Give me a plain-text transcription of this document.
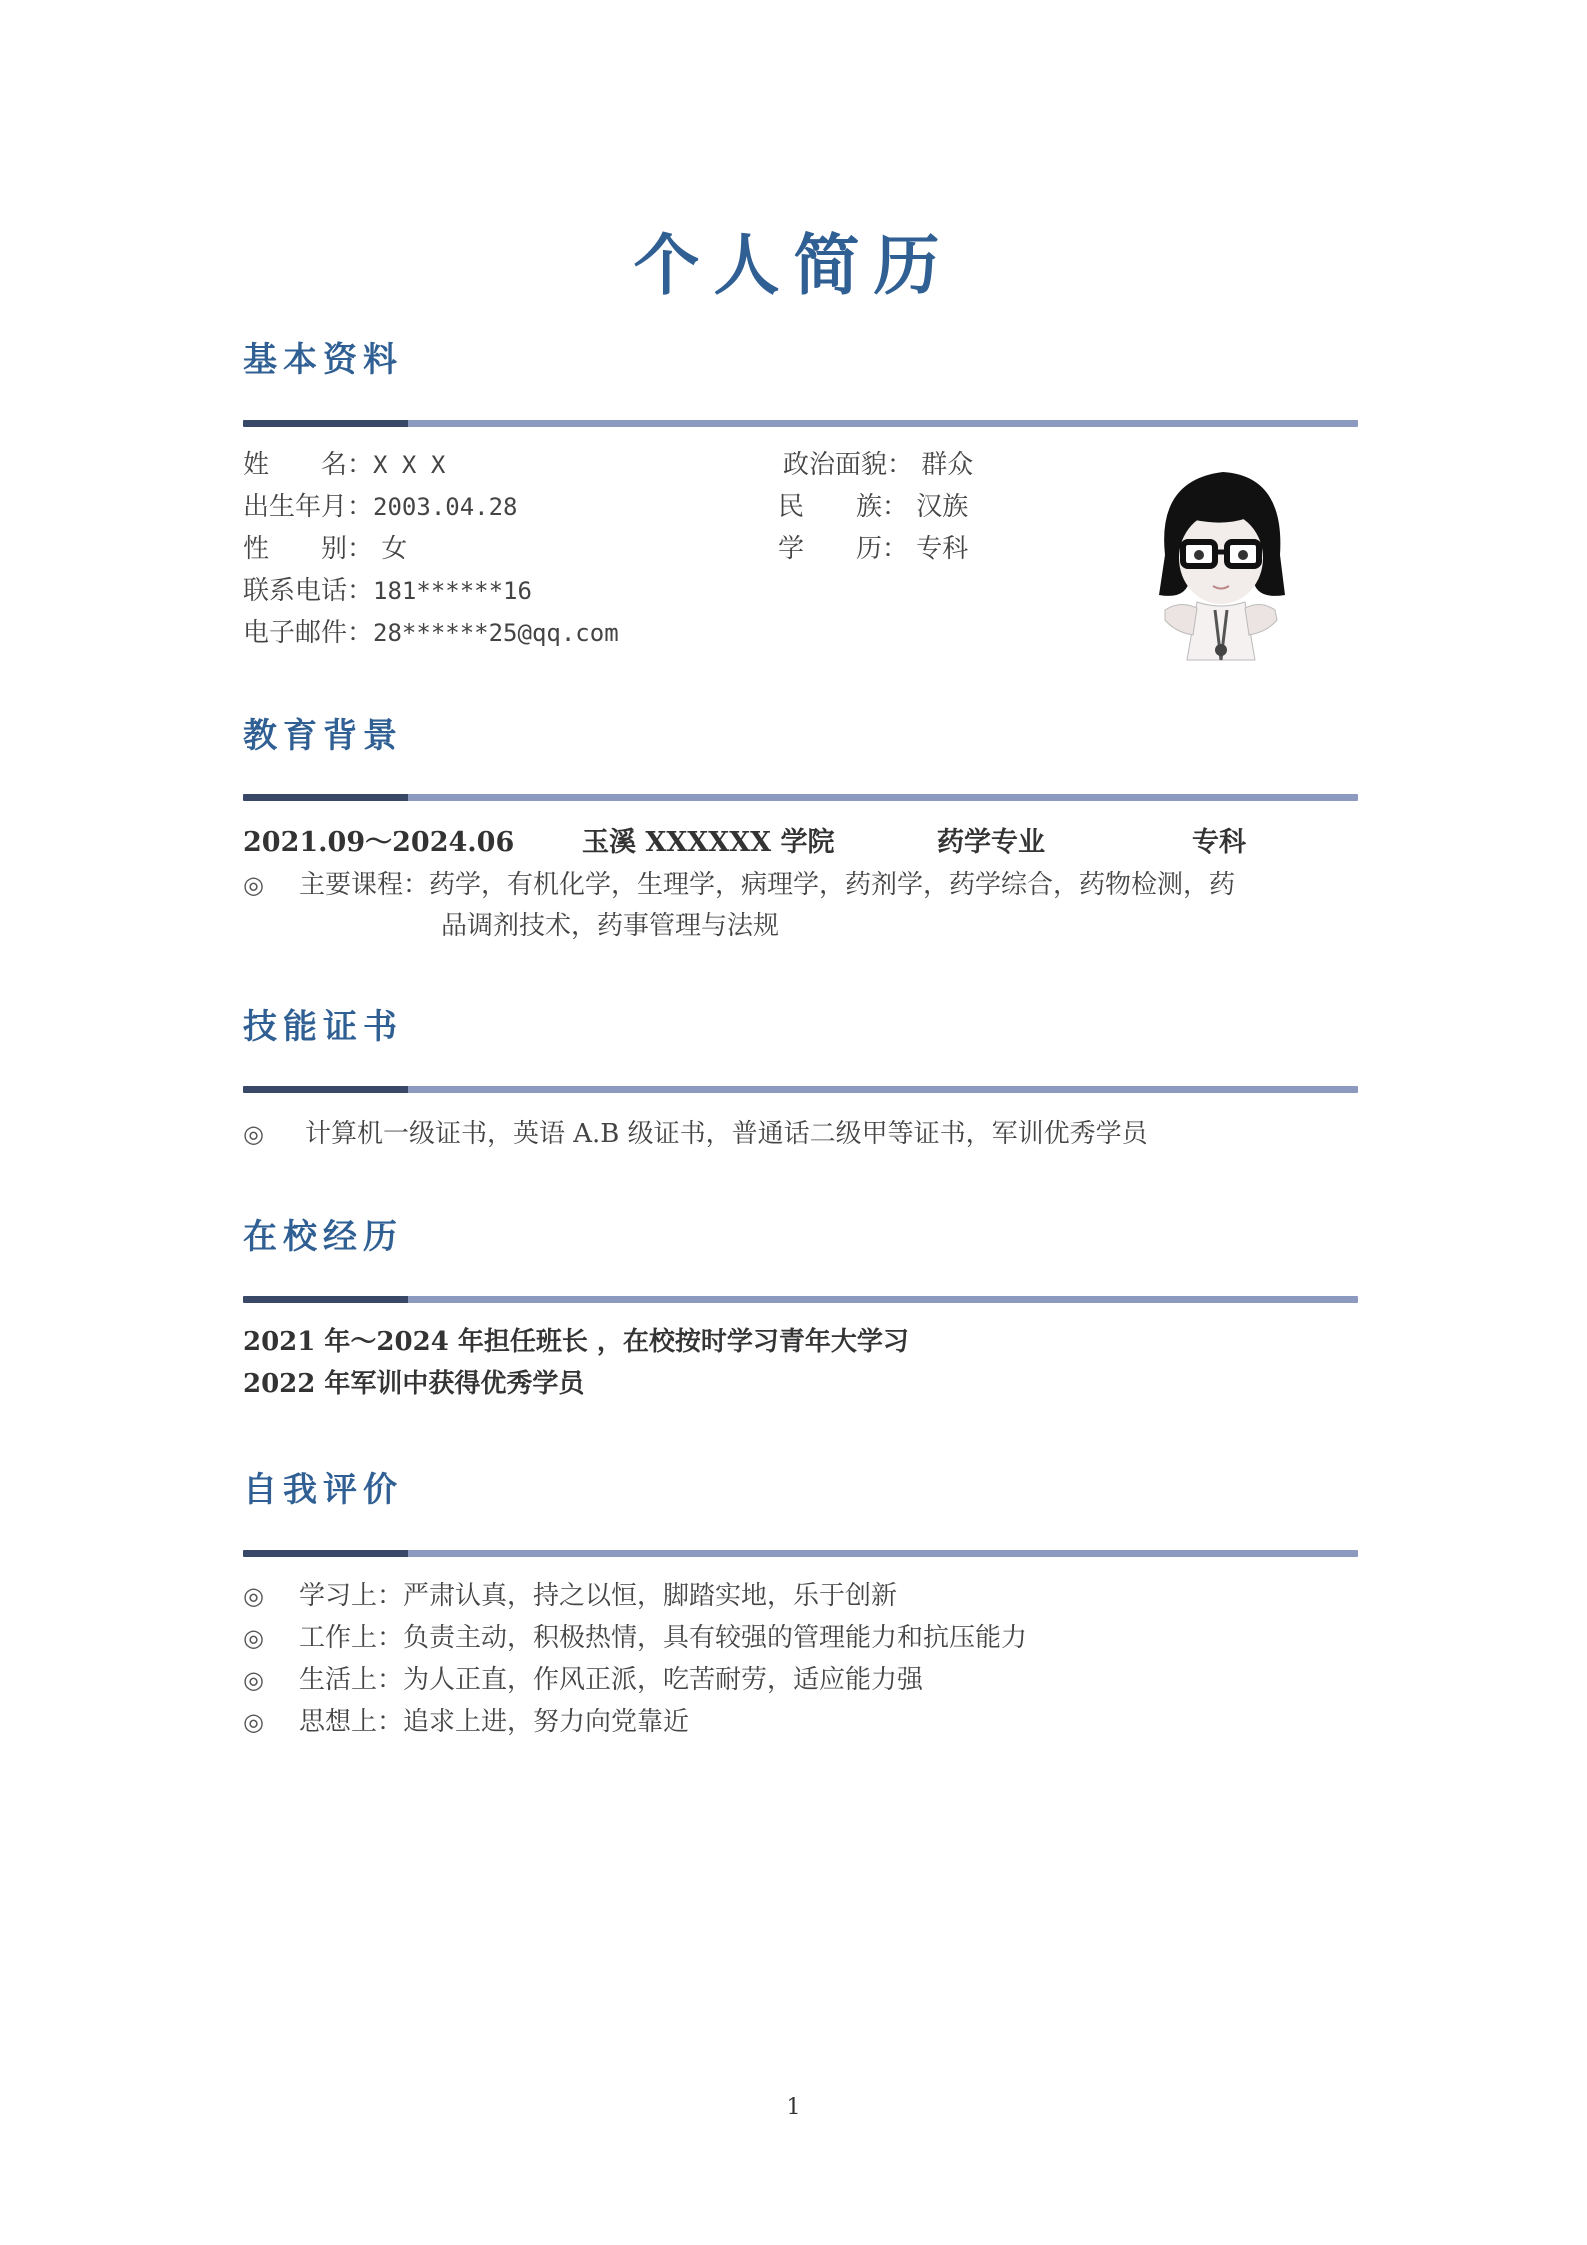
个人简历
基本资料
姓　　名：X X X
出生年月：2003.04.28
性　　别： 女
联系电话：181******16
电子邮件：28******25@qq.com
政治面貌： 群众
民　　族： 汉族
学　　历： 专科
教育背景
2021.09～2024.06	玉溪 XXXXXX 学院	药学专业	专科
◎ 主要课程：药学，有机化学，生理学，病理学，药剂学，药学综合，药物检测，药
品调剂技术，药事管理与法规
技能证书
◎ 计算机一级证书，英语 A.B 级证书，普通话二级甲等证书，军训优秀学员
在校经历
2021 年～2024 年担任班长 ，在校按时学习青年大学习
2022 年军训中获得优秀学员
自我评价
◎ 学习上：严肃认真，持之以恒，脚踏实地，乐于创新
◎ 工作上：负责主动，积极热情，具有较强的管理能力和抗压能力
◎ 生活上：为人正直，作风正派，吃苦耐劳，适应能力强
◎ 思想上：追求上进，努力向党靠近
1
